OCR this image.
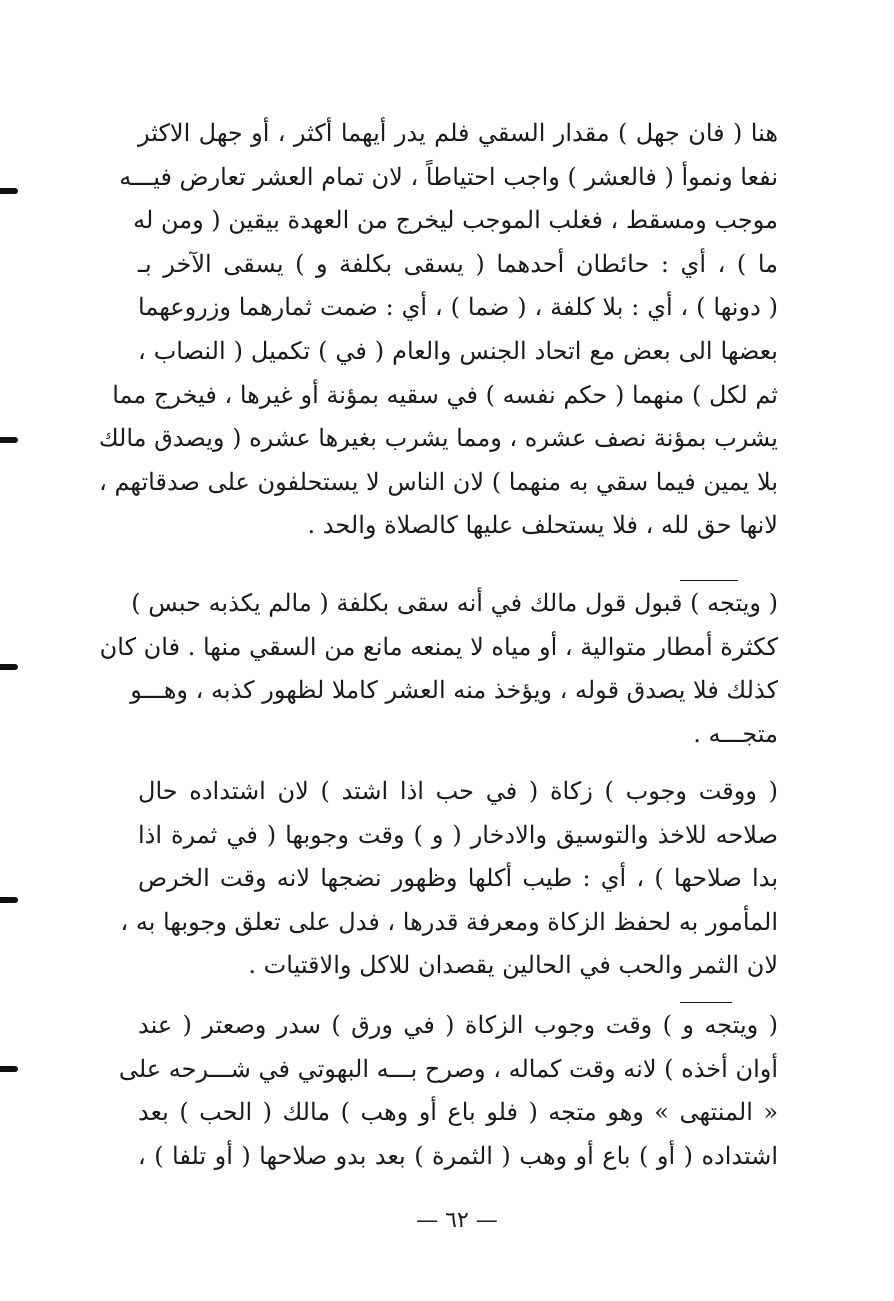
هنا ( فان جهل ) مقدار السقي فلم يدر أيهما أكثر ، أو جهل الاكثر
نفعا ونموأ ( فالعشر ) واجب احتياطاً ، لان تمام العشر تعارض فيـــه
موجب ومسقط ، فغلب الموجب ليخرج من العهدة بيقين ( ومن له
ما ) ، أي : حائطان أحدهما ( يسقى بكلفة و ) يسقى الآخر بـ
( دونها ) ، أي : بلا كلفة ، ( ضما ) ، أي : ضمت ثمارهما وزروعهما
بعضها الى بعض مع اتحاد الجنس والعام ( في ) تكميل ( النصاب ،
ثم لكل ) منهما ( حكم نفسه ) في سقيه بمؤنة أو غيرها ، فيخرج مما
يشرب بمؤنة نصف عشره ، ومما يشرب بغيرها عشره ( ويصدق مالك
بلا يمين فيما سقي به منهما ) لان الناس لا يستحلفون على صدقاتهم ،
لانها حق لله ، فلا يستحلف عليها كالصلاة والحد .
( ويتجه ) قبول قول مالك في أنه سقى بكلفة ( مالم يكذبه حبس )
ككثرة أمطار متوالية ، أو مياه لا يمنعه مانع من السقي منها . فان كان
كذلك فلا يصدق قوله ، ويؤخذ منه العشر كاملا لظهور كذبه ، وهـــو
متجـــه .
( ووقت وجوب ) زكاة ( في حب اذا اشتد ) لان اشتداده حال
صلاحه للاخذ والتوسيق والادخار ( و ) وقت وجوبها ( في ثمرة اذا
بدا صلاحها ) ، أي : طيب أكلها وظهور نضجها لانه وقت الخرص
المأمور به لحفظ الزكاة ومعرفة قدرها ، فدل على تعلق وجوبها به ،
لان الثمر والحب في الحالين يقصدان للاكل والاقتيات .
( ويتجه و ) وقت وجوب الزكاة ( في ورق ) سدر وصعتر ( عند
أوان أخذه ) لانه وقت كماله ، وصرح بـــه البهوتي في شـــرحه على
« المنتهى » وهو متجه ( فلو باع أو وهب ) مالك ( الحب ) بعد
اشتداده ( أو ) باع أو وهب ( الثمرة ) بعد بدو صلاحها ( أو تلفا ) ،
— ٦٢ —
